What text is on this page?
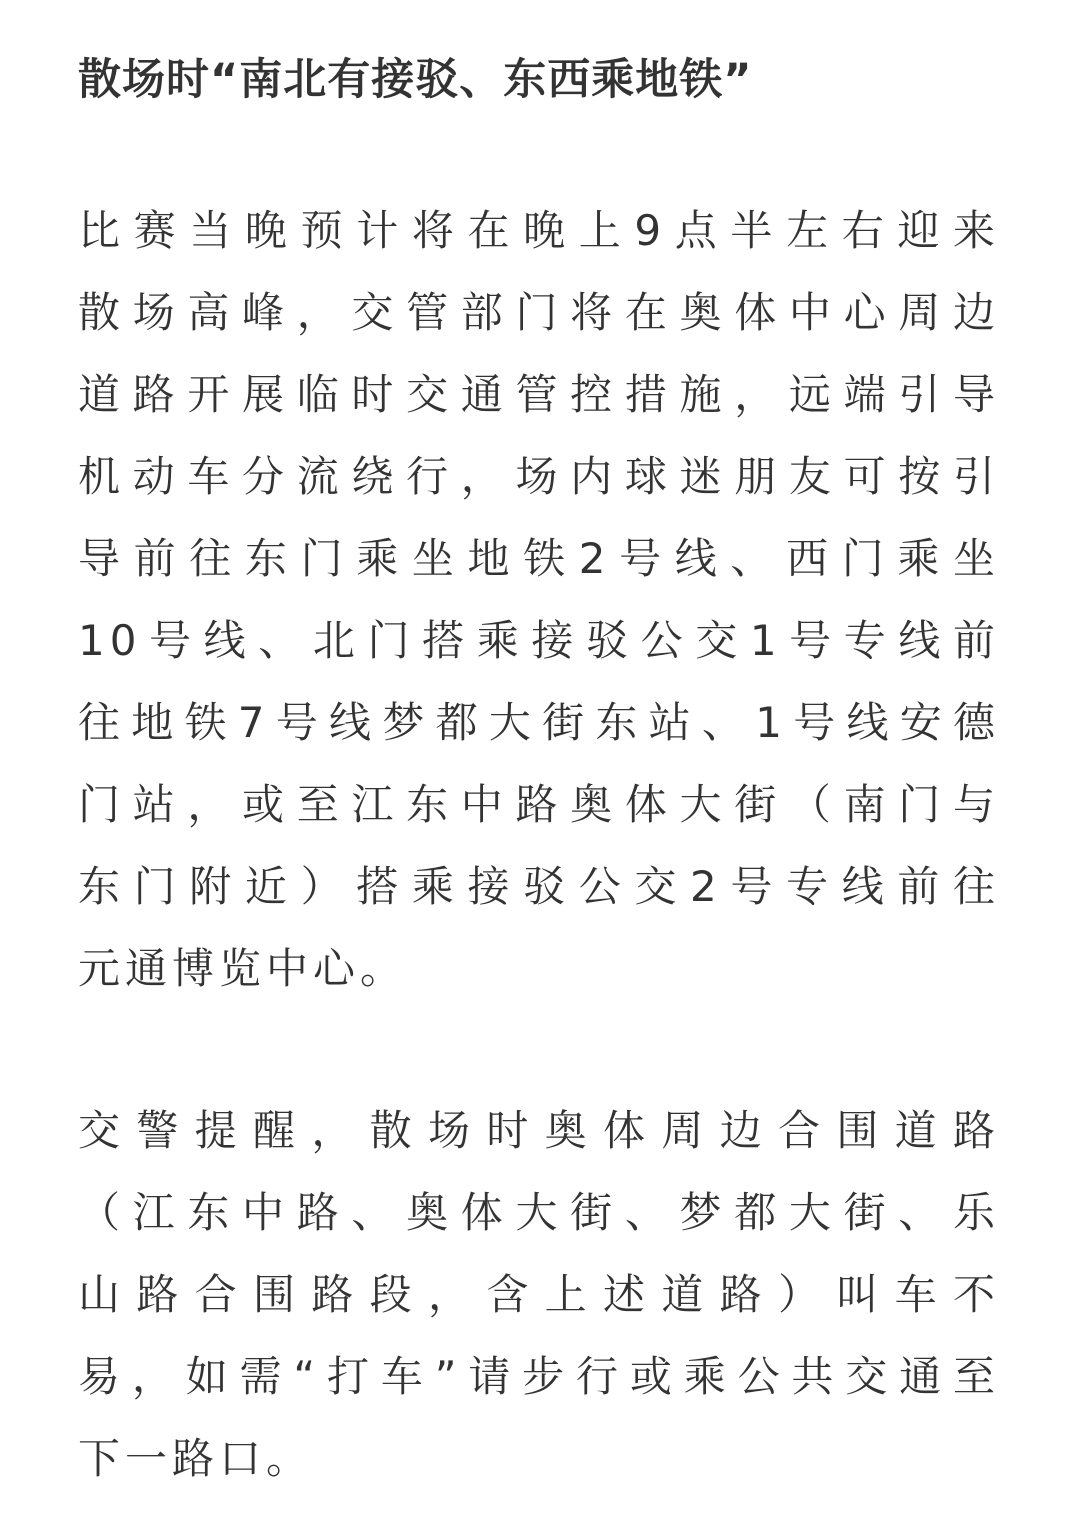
散场时“南北有接驳、东西乘地铁”

比赛当晚预计将在晚上9点半左右迎来
散场高峰，交管部门将在奥体中心周边
道路开展临时交通管控措施，远端引导
机动车分流绕行，场内球迷朋友可按引
导前往东门乘坐地铁2号线、西门乘坐
10号线、北门搭乘接驳公交1号专线前
往地铁7号线梦都大街东站、1号线安德
门站，或至江东中路奥体大街（南门与
东门附近）搭乘接驳公交2号专线前往
元通博览中心。

交警提醒，散场时奥体周边合围道路
（江东中路、奥体大街、梦都大街、乐
山路合围路段，含上述道路）叫车不
易，如需“打车”请步行或乘公共交通至
下一路口。
